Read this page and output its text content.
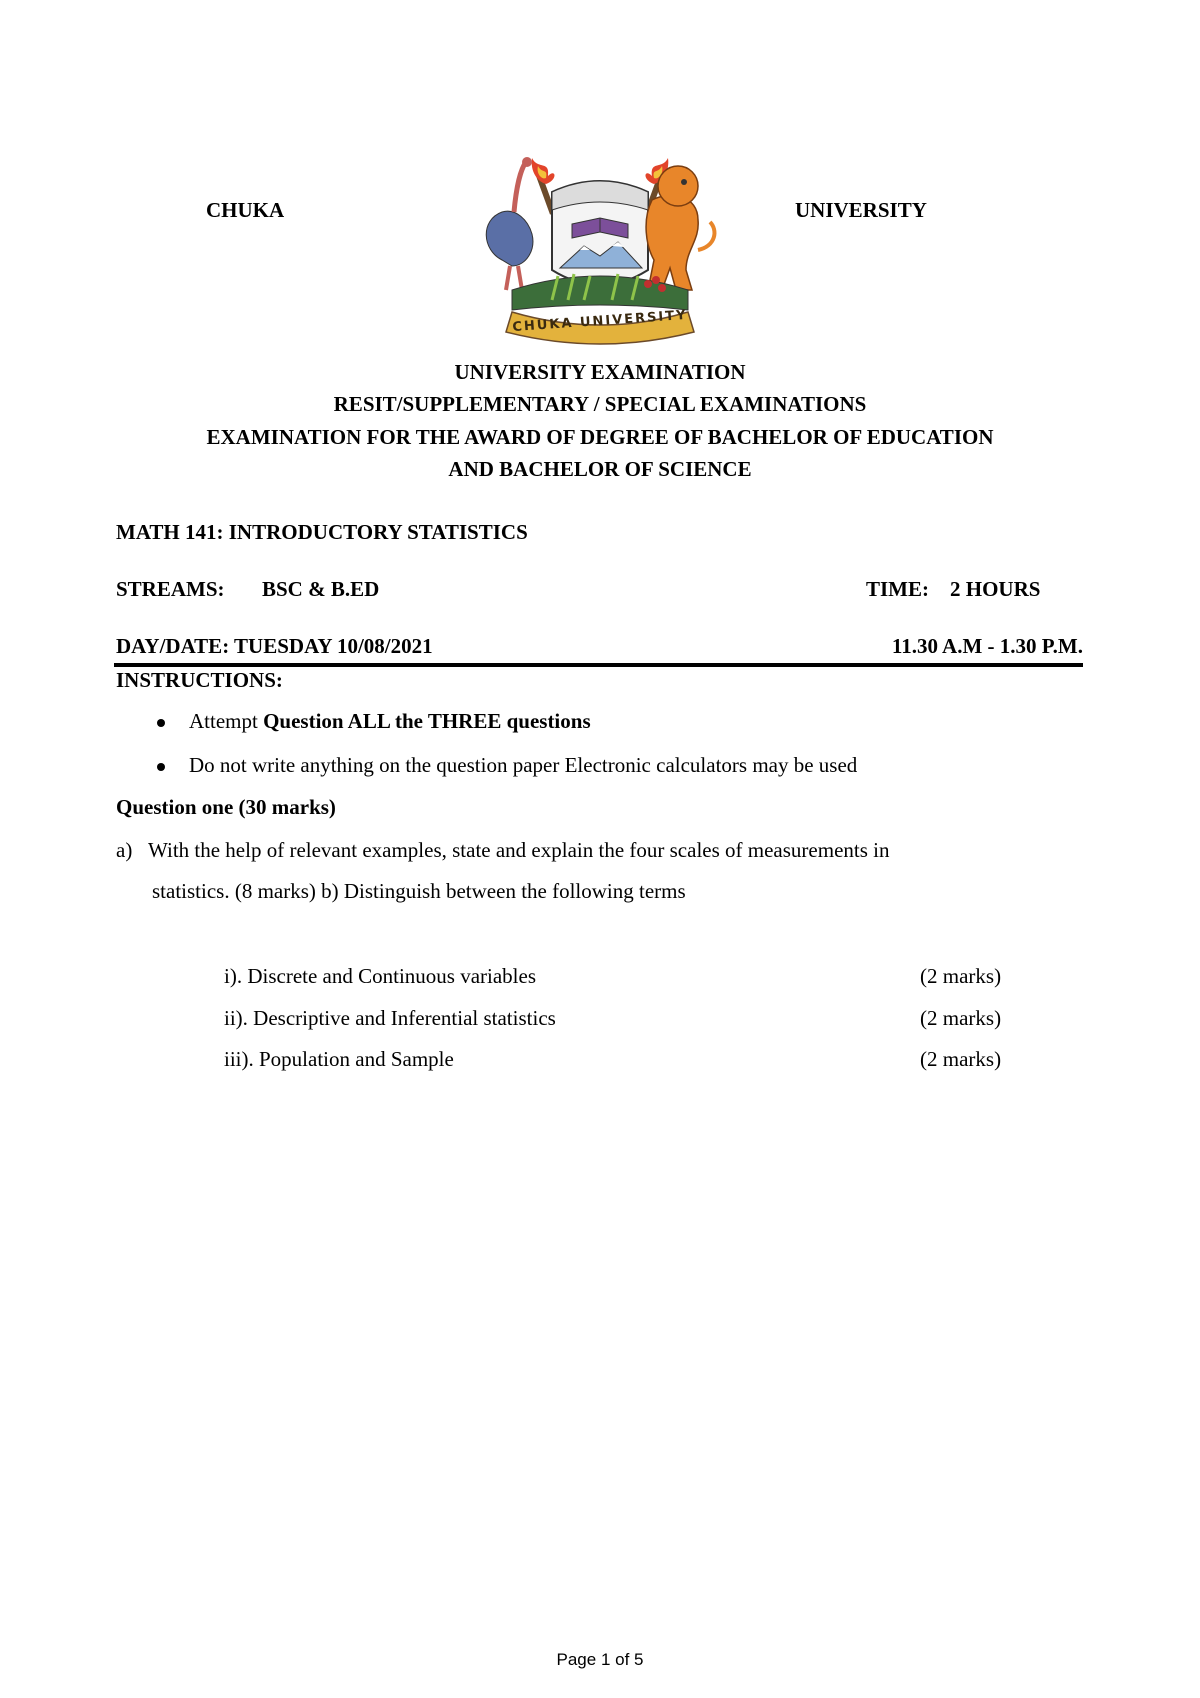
CHUKA	UNIVERSITY
CHUKA UNIVERSITY
UNIVERSITY EXAMINATION
RESIT/SUPPLEMENTARY / SPECIAL EXAMINATIONS
EXAMINATION FOR THE AWARD OF DEGREE OF BACHELOR OF EDUCATION
AND BACHELOR OF SCIENCE
MATH 141: INTRODUCTORY STATISTICS
STREAMS: BSC & B.ED	TIME: 2 HOURS
DAY/DATE: TUESDAY 10/08/2021	11.30 A.M - 1.30 P.M.
INSTRUCTIONS:
Attempt Question ALL the THREE questions
Do not write anything on the question paper Electronic calculators may be used
Question one (30 marks)
a) With the help of relevant examples, state and explain the four scales of measurements in
statistics. (8 marks) b) Distinguish between the following terms
i). Discrete and Continuous variables	(2 marks)
ii). Descriptive and Inferential statistics	(2 marks)
iii). Population and Sample	(2 marks)
Page 1 of 5
